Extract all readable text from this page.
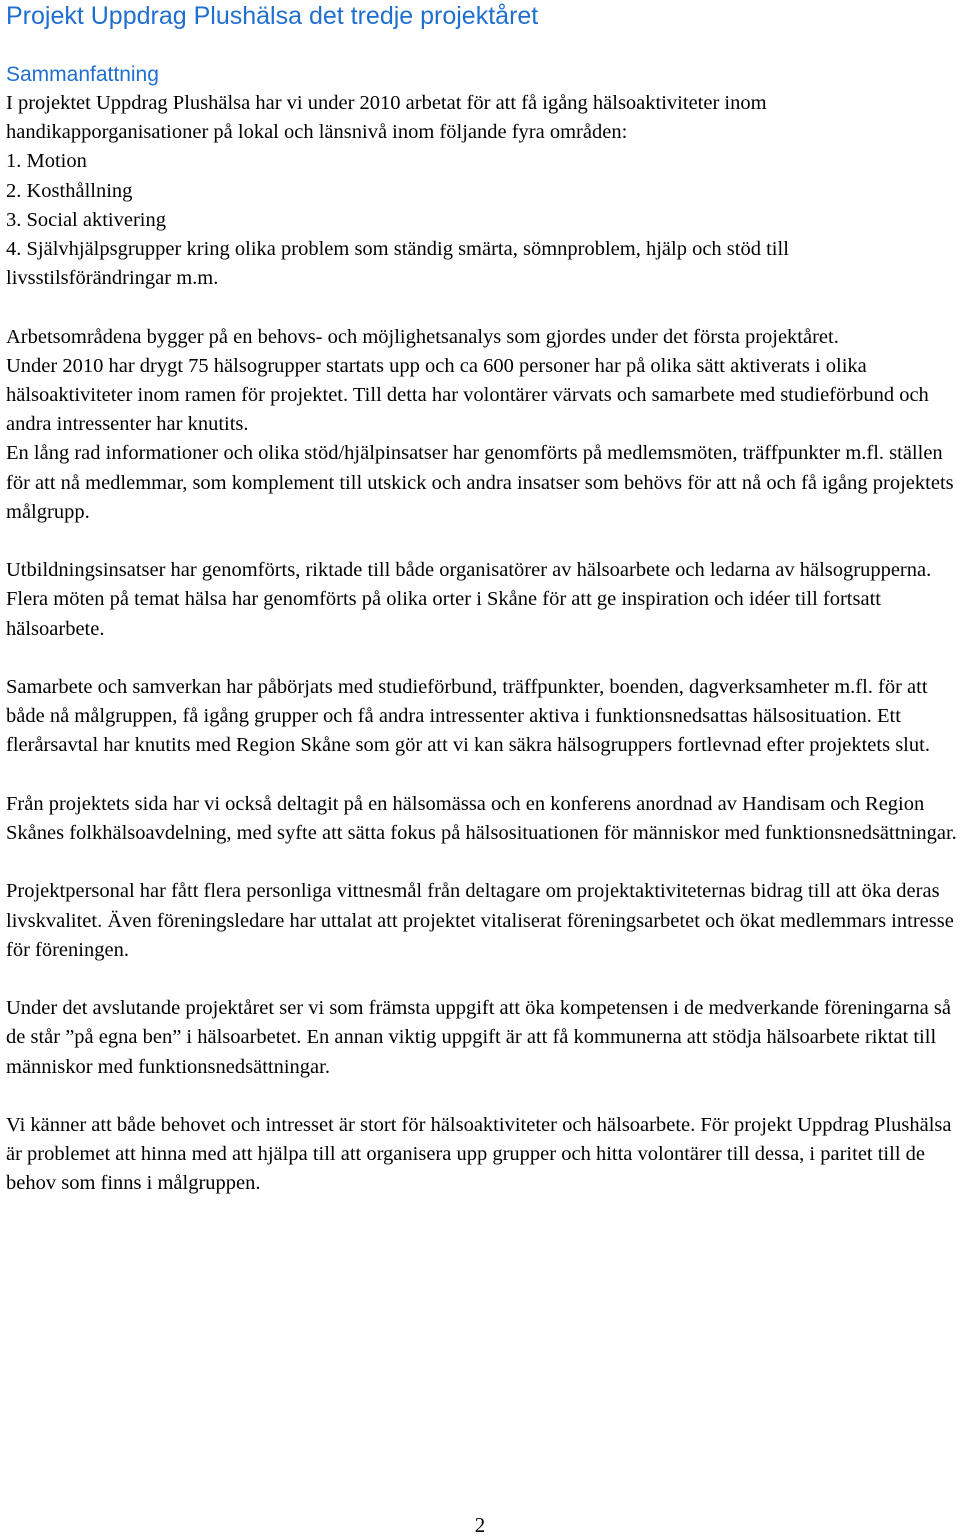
Projekt Uppdrag Plushälsa det tredje projektåret
Sammanfattning

I projektet Uppdrag Plushälsa har vi under 2010 arbetat för att få igång hälsoaktiviteter inom handikapporganisationer på lokal och länsnivå inom följande fyra områden:

1. Motion
2. Kosthållning
3. Social aktivering
4. Självhjälpsgrupper kring olika problem som ständig smärta, sömnproblem, hjälp och stöd till livsstilsförändringar m.m.

Arbetsområdena bygger på en behovs- och möjlighetsanalys som gjordes under det första projektåret.

Under 2010 har drygt 75 hälsogrupper startats upp och ca 600 personer har på olika sätt aktiverats i olika hälsoaktiviteter inom ramen för projektet. Till detta har volontärer värvats och samarbete med studieförbund och andra intressenter har knutits.

En lång rad informationer och olika stöd/hjälpinsatser har genomförts på medlemsmöten, träffpunkter m.fl. ställen för att nå medlemmar, som komplement till utskick och andra insatser som behövs för att nå och få igång projektets målgrupp.

Utbildningsinsatser har genomförts, riktade till både organisatörer av hälsoarbete och ledarna av hälsogrupperna. Flera möten på temat hälsa har genomförts på olika orter i Skåne för att ge inspiration och idéer till fortsatt hälsoarbete.

Samarbete och samverkan har påbörjats med studieförbund, träffpunkter, boenden, dagverksamheter m.fl. för att både nå målgruppen, få igång grupper och få andra intressenter aktiva i funktionsnedsattas hälsosituation. Ett flerårsavtal har knutits med Region Skåne som gör att vi kan säkra hälsogruppers fortlevnad efter projektets slut.

Från projektets sida har vi också deltagit på en hälsomässa och en konferens anordnad av Handisam och Region Skånes folkhälsoavdelning, med syfte att sätta fokus på hälsosituationen för människor med funktionsnedsättningar.

Projektpersonal har fått flera personliga vittnesmål från deltagare om projektaktiviteternas bidrag till att öka deras livskvalitet. Även föreningsledare har uttalat att projektet vitaliserat föreningsarbetet och ökat medlemmars intresse för föreningen.

Under det avslutande projektåret ser vi som främsta uppgift att öka kompetensen i de medverkande föreningarna så de står ”på egna ben” i hälsoarbetet. En annan viktig uppgift är att få kommunerna att stödja hälsoarbete riktat till människor med funktionsnedsättningar.

Vi känner att både behovet och intresset är stort för hälsoaktiviteter och hälsoarbete. För projekt Uppdrag Plushälsa är problemet att hinna med att hjälpa till att organisera upp grupper och hitta volontärer till dessa, i paritet till de behov som finns i målgruppen.

2
